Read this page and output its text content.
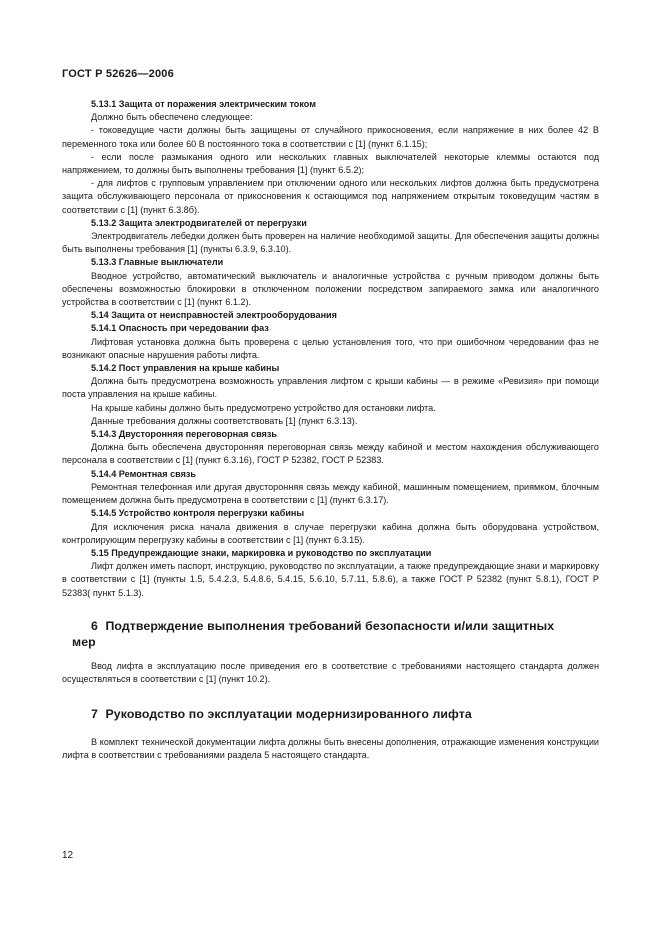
ГОСТ Р 52626—2006

5.13.1 Защита от поражения электрическим током

Должно быть обеспечено следующее:

- токоведущие части должны быть защищены от случайного прикосновения, если напряжение в них более 42 В переменного тока или более 60 В постоянного тока в соответствии с [1] (пункт 6.1.15);

- если после размыкания одного или нескольких главных выключателей некоторые клеммы остаются под напряжением, то должны быть выполнены требования [1] (пункт 6.5.2);

- для лифтов с групповым управлением при отключении одного или нескольких лифтов должна быть предусмотрена защита обслуживающего персонала от прикосновения к остающимся под напряжением открытым токоведущим частям в соответствии с [1] (пункт 6.3.8б).

5.13.2 Защита электродвигателей от перегрузки

Электродвигатель лебедки должен быть проверен на наличие необходимой защиты. Для обеспечения защиты должны быть выполнены требования [1] (пункты 6.3.9, 6.3.10).

5.13.3 Главные выключатели

Вводное устройство, автоматический выключатель и аналогичные устройства с ручным приводом должны быть обеспечены возможностью блокировки в отключенном положении посредством запираемого замка или аналогичного устройства в соответствии с [1] (пункт 6.1.2).

5.14 Защита от неисправностей электрооборудования

5.14.1 Опасность при чередовании фаз

Лифтовая установка должна быть проверена с целью установления того, что при ошибочном чередовании фаз не возникают опасные нарушения работы лифта.

5.14.2 Пост управления на крыше кабины

Должна быть предусмотрена возможность управления лифтом с крыши кабины — в режиме «Ревизия» при помощи поста управления на крыше кабины.

На крыше кабины должно быть предусмотрено устройство для остановки лифта.

Данные требования должны соответствовать [1] (пункт 6.3.13).

5.14.3 Двусторонняя переговорная связь

Должна быть обеспечена двусторонняя переговорная связь между кабиной и местом нахождения обслуживающего персонала в соответствии с [1] (пункт 6.3.16), ГОСТ Р 52382, ГОСТ Р 52383.

5.14.4 Ремонтная связь

Ремонтная телефонная или другая двусторонняя связь между кабиной, машинным помещением, приямком, блочным помещением должна быть предусмотрена в соответствии с [1] (пункт 6.3.17).

5.14.5 Устройство контроля перегрузки кабины

Для исключения риска начала движения в случае перегрузки кабина должна быть оборудована устройством, контролирующим перегрузку кабины в соответствии с [1] (пункт 6.3.15).

5.15 Предупреждающие знаки, маркировка и руководство по эксплуатации

Лифт должен иметь паспорт, инструкцию, руководство по эксплуатации, а также предупреждающие знаки и маркировку в соответствии с [1] (пункты 1.5, 5.4.2.3, 5.4.8.6, 5.4.15, 5.6.10, 5.7.11, 5.8.6), а также ГОСТ Р 52382 (пункт 5.8.1), ГОСТ Р 52383( пункт 5.1.3).

6 Подтверждение выполнения требований безопасности и/или защитных

мер

Ввод лифта в эксплуатацию после приведения его в соответствие с требованиями настоящего стандарта должен осуществляться в соответствии с [1] (пункт 10.2).

7 Руководство по эксплуатации модернизированного лифта

В комплект технической документации лифта должны быть внесены дополнения, отражающие изменения конструкции лифта в соответствии с требованиями раздела 5 настоящего стандарта.

12
